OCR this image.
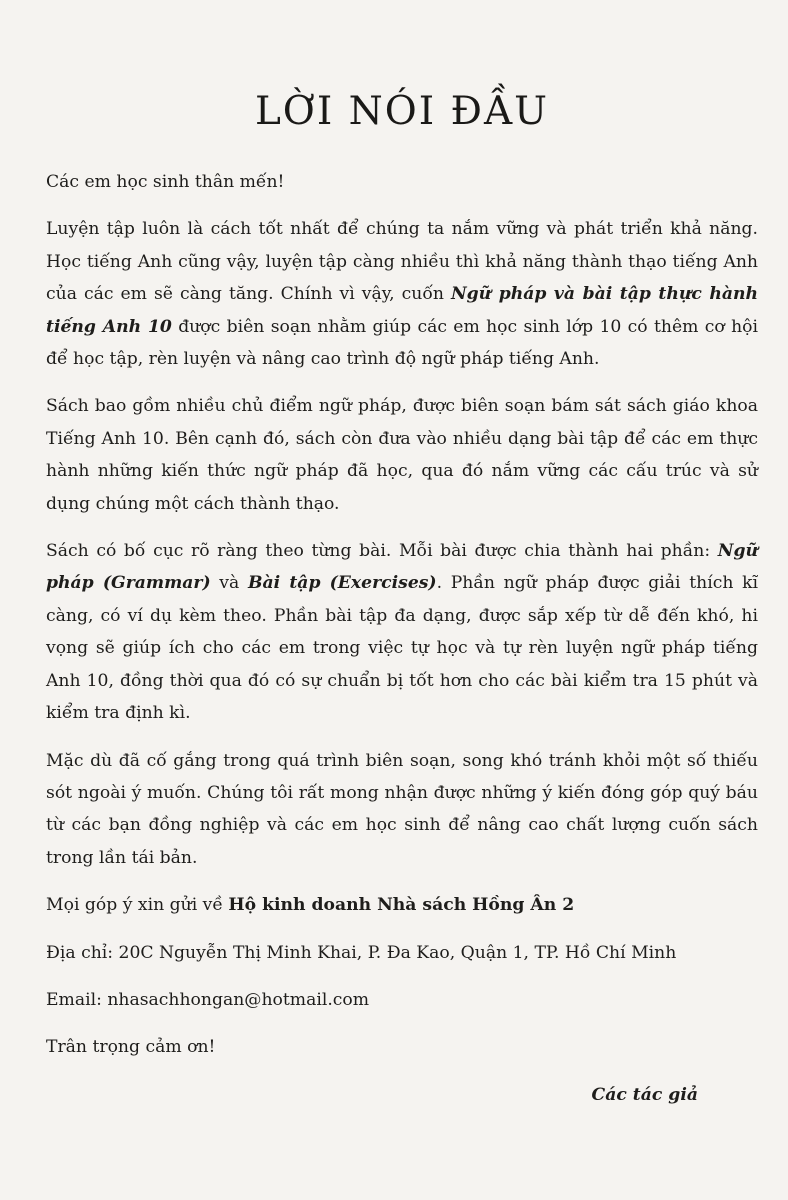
LỜI NÓI ĐẦU

Các em học sinh thân mến!

Luyện tập luôn là cách tốt nhất để chúng ta nắm vững và phát triển khả năng. Học tiếng Anh cũng vậy, luyện tập càng nhiều thì khả năng thành thạo tiếng Anh của các em sẽ càng tăng. Chính vì vậy, cuốn Ngữ pháp và bài tập thực hành tiếng Anh 10 được biên soạn nhằm giúp các em học sinh lớp 10 có thêm cơ hội để học tập, rèn luyện và nâng cao trình độ ngữ pháp tiếng Anh.

Sách bao gồm nhiều chủ điểm ngữ pháp, được biên soạn bám sát sách giáo khoa Tiếng Anh 10. Bên cạnh đó, sách còn đưa vào nhiều dạng bài tập để các em thực hành những kiến thức ngữ pháp đã học, qua đó nắm vững các cấu trúc và sử dụng chúng một cách thành thạo.

Sách có bố cục rõ ràng theo từng bài. Mỗi bài được chia thành hai phần: Ngữ pháp (Grammar) và Bài tập (Exercises). Phần ngữ pháp được giải thích kĩ càng, có ví dụ kèm theo. Phần bài tập đa dạng, được sắp xếp từ dễ đến khó, hi vọng sẽ giúp ích cho các em trong việc tự học và tự rèn luyện ngữ pháp tiếng Anh 10, đồng thời qua đó có sự chuẩn bị tốt hơn cho các bài kiểm tra 15 phút và kiểm tra định kì.

Mặc dù đã cố gắng trong quá trình biên soạn, song khó tránh khỏi một số thiếu sót ngoài ý muốn. Chúng tôi rất mong nhận được những ý kiến đóng góp quý báu từ các bạn đồng nghiệp và các em học sinh để nâng cao chất lượng cuốn sách trong lần tái bản.

Mọi góp ý xin gửi về Hộ kinh doanh Nhà sách Hồng Ân 2

Địa chỉ: 20C Nguyễn Thị Minh Khai, P. Đa Kao, Quận 1, TP. Hồ Chí Minh

Email: nhasachhongan@hotmail.com

Trân trọng cảm ơn!

Các tác giả
